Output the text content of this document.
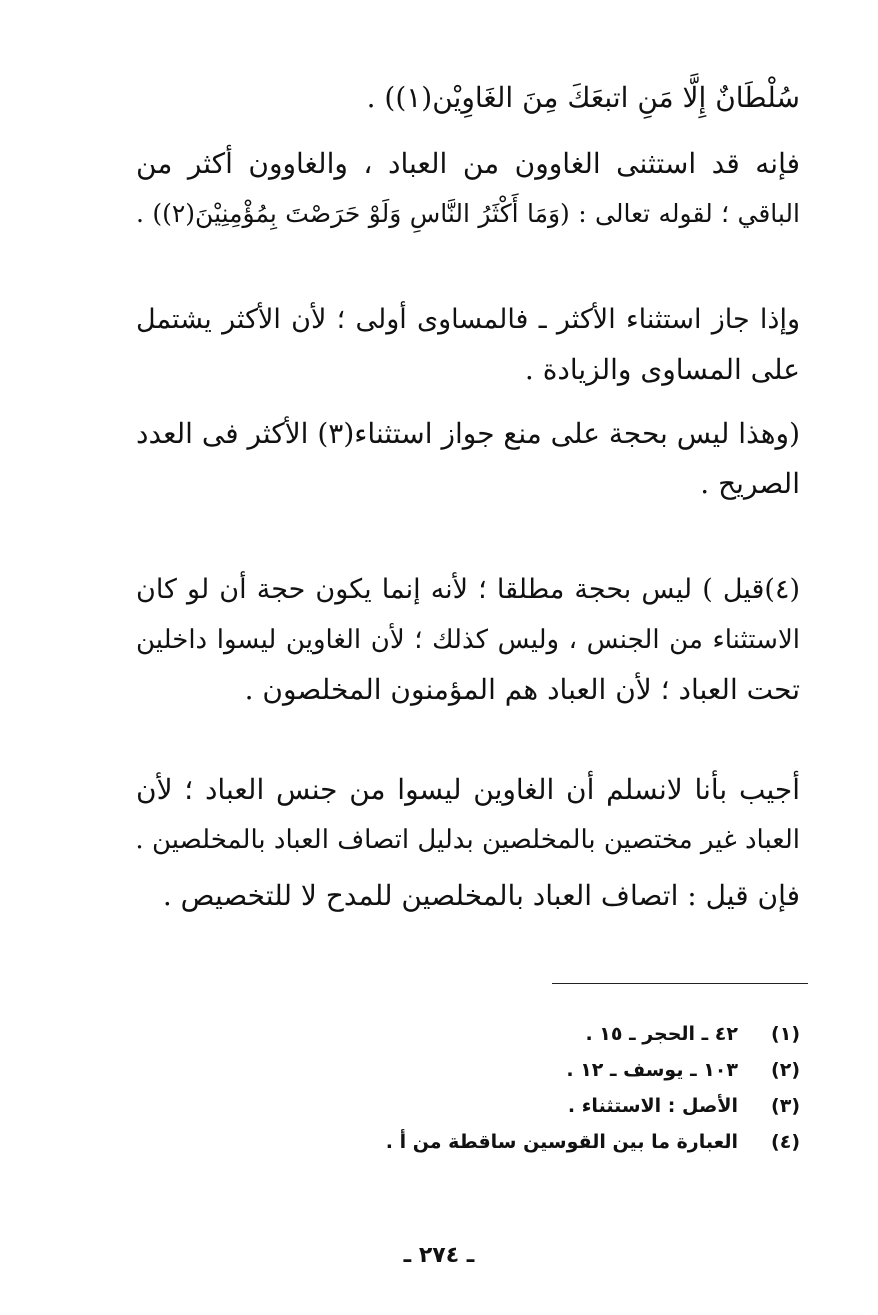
سُلْطَانٌ إِلَّا مَنِ اتبعَكَ مِنَ الغَاوِيْن(١)) .
فإنه قد استثنى الغاوون من العباد ، والغاوون أكثر من
الباقي ؛ لقوله تعالى : (وَمَا أَكْثَرُ النَّاسِ وَلَوْ حَرَصْتَ بِمُؤْمِنِيْنَ(٢)) .
وإذا جاز استثناء الأكثر ـ فالمساوى أولى ؛ لأن الأكثر يشتمل
على المساوى والزيادة .
(وهذا ليس بحجة على منع جواز استثناء(٣) الأكثر فى العدد
الصريح .
(٤)قيل ) ليس بحجة مطلقا ؛ لأنه إنما يكون حجة أن لو كان
الاستثناء من الجنس ، وليس كذلك ؛ لأن الغاوين ليسوا داخلين
تحت العباد ؛ لأن العباد هم المؤمنون المخلصون .
أجيب بأنا لانسلم أن الغاوين ليسوا من جنس العباد ؛ لأن
العباد غير مختصين بالمخلصين بدليل اتصاف العباد بالمخلصين .
فإن قيل : اتصاف العباد بالمخلصين للمدح لا للتخصيص .
(١)٤٢ ـ الحجر ـ ١٥ .
(٢)١٠٣ ـ يوسف ـ ١٢ .
(٣)الأصل : الاستثناء .
(٤)العبارة ما بين القوسين ساقطة من أ .
ـ ٢٧٤ ـ
